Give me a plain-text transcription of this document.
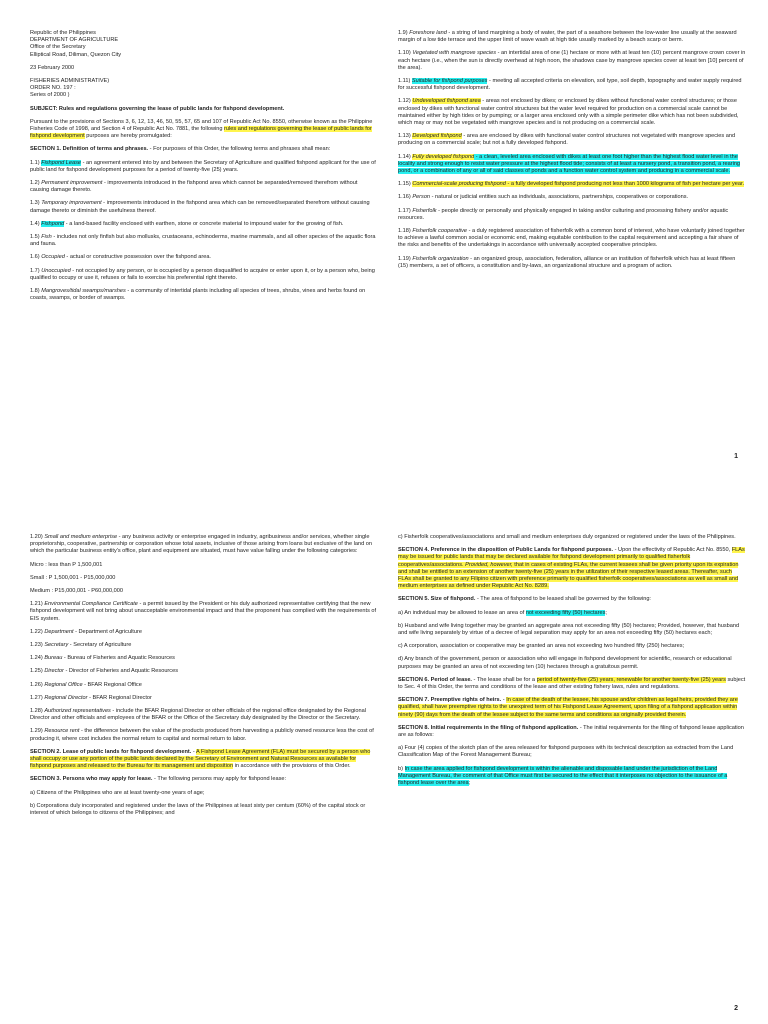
Republic of the Philippines
DEPARTMENT OF AGRICULTURE
Office of the Secretary
Elliptical Road, Diliman, Quezon City
23 February 2000
FISHERIES ADMINISTRATIVE)
ORDER NO. 197 :
Series of 2000 )
SUBJECT: Rules and regulations governing the lease of public lands for fishpond development.
Pursuant to the provisions of Sections 3, 6, 12, 13, 46, 50, 55, 57, 65 and 107 of Republic Act No. 8550, otherwise known as the Philippine Fisheries Code of 1998, and Section 4 of Republic Act No. 7881, the following rules and regulations governing the lease of public lands for fishpond development purposes are hereby promulgated:
SECTION 1. Definition of terms and phrases. - For purposes of this Order, the following terms and phrases shall mean:
1.1) Fishpond Lease - an agreement entered into by and between the Secretary of Agriculture and qualified fishpond applicant for the use of public land for fishpond development purposes for a period of twenty-five (25) years.
1.2) Permanent improvement - improvements introduced in the fishpond area which cannot be separated/removed therefrom without causing damage thereto.
1.3) Temporary improvement - improvements introduced in the fishpond area which can be removed/separated therefrom without causing damage thereto or diminish the usefulness thereof.
1.4) Fishpond - a land-based facility enclosed with earthen, stone or concrete material to impound water for the growing of fish.
1.5) Fish - includes not only finfish but also mollusks, crustaceans, echinoderms, marine mammals, and all other species of the aquatic flora and fauna.
1.6) Occupied - actual or constructive possession over the fishpond area.
1.7) Unoccupied - not occupied by any person, or is occupied by a person disqualified to acquire or enter upon it, or by a person who, being qualified to occupy or use it, refuses or fails to exercise his preferential right thereto.
1.8) Mangroves/tidal swamps/marshes - a community of intertidal plants including all species of trees, shrubs, vines and herbs found on coasts, swamps, or border of swamps.
1.9) Foreshore land - a string of land margining a body of water, the part of a seashore between the low-water line usually at the seaward margin of a low tide terrace and the upper limit of wave wash at high tide usually marked by a beach scarp or berm.
1.10) Vegetated with mangrove species - an intertidal area of one (1) hectare or more with at least ten (10) percent mangrove crown cover in each hectare (i.e., when the sun is directly overhead at high noon, the shadows case by mangrove species cover at least ten [10] percent of the area).
1.11) Suitable for fishpond purposes - meeting all accepted criteria on elevation, soil type, soil depth, topography and water supply required for successful fishpond development.
1.12) Undeveloped fishpond area - areas not enclosed by dikes; or enclosed by dikes without functional water control structures; or those enclosed by dikes with functional water control structures but the water level required for production on a commercial scale cannot be maintained either by high tides or by pumping; or a larger area enclosed only with a simple perimeter dike which has not been subdivided, which may or may not be vegetated with mangrove species and is not producing on a commercial scale.
1.13) Developed fishpond - area are enclosed by dikes with functional water control structures not vegetated with mangrove species and producing on a commercial scale; but not a fully developed fishpond.
1.14) Fully developed fishpond - a clean, leveled area enclosed with dikes at least one foot higher than the highest flood water level in the locality and strong enough to resist water pressure at the highest flood tide; consists of at least a nursery pond, a transition pond, a rearing pond, or a combination of any or all of said classes of ponds and a function water control system and producing in a commercial scale.
1.15) Commercial-scale producing fishpond - a fully developed fishpond producing not less than 1000 kilograms of fish per hectare per year.
1.16) Person - natural or judicial entities such as individuals, associations, partnerships, cooperatives or corporations.
1.17) Fisherfolk - people directly or personally and physically engaged in taking and/or culturing and processing fishery and/or aquatic resources.
1.18) Fisherfolk cooperative - a duly registered association of fisherfolk with a common bond of interest, who have voluntarily joined together to achieve a lawful common social or economic end, making equitable contribution to the capital requirement and accepting a fair share of the risks and benefits of the undertakings in accordance with universally accepted cooperative principles.
1.19) Fisherfolk organization - an organized group, association, federation, alliance or an institution of fisherfolk which has at least fifteen (15) members, a set of officers, a constitution and by-laws, an organizational structure and a program of action.
1
1.20) Small and medium enterprise - any business activity or enterprise engaged in industry, agribusiness and/or services, whether single proprietorship, cooperative, partnership or corporation whose total assets, inclusive of those arising from loans but exclusive of the land on which the particular business entity's office, plant and equipment are situated, must have value falling under the following categories:
Micro : less than P 1,500,001
Small : P 1,500,001 - P15,000,000
Medium : P15,000,001 - P60,000,000
1.21) Environmental Compliance Certificate - a permit issued by the President or his duly authorized representative certifying that the new fishpond development will not bring about unacceptable environmental impact and that the proponent has complied with the requirements of EIS system.
1.22) Department - Department of Agriculture
1.23) Secretary - Secretary of Agriculture
1.24) Bureau - Bureau of Fisheries and Aquatic Resources
1.25) Director - Director of Fisheries and Aquatic Resources
1.26) Regional Office - BFAR Regional Office
1.27) Regional Director - BFAR Regional Director
1.28) Authorized representatives - include the BFAR Regional Director or other officials of the regional office designated by the Regional Director and other officials and employees of the BFAR or the Office of the Secretary duly designated by the Director or the Secretary.
1.29) Resource rent - the difference between the value of the products produced from harvesting a publicly owned resource less the cost of producing it, where cost includes the normal return to capital and normal return to labor.
SECTION 2. Lease of public lands for fishpond development. - A Fishpond Lease Agreement (FLA) must be secured by a person who shall occupy or use any portion of the public lands declared by the Secretary of Environment and Natural Resources as available for fishpond purposes and released to the Bureau for its management and disposition in accordance with the provisions of this Order.
SECTION 3. Persons who may apply for lease. - The following persons may apply for fishpond lease:
a) Citizens of the Philippines who are at least twenty-one years of age;
b) Corporations duly incorporated and registered under the laws of the Philippines at least sixty per centum (60%) of the capital stock or interest of which belongs to citizens of the Philippines; and
c) Fisherfolk cooperatives/associations and small and medium enterprises duly organized or registered under the laws of the Philippines.
SECTION 4. Preference in the disposition of Public Lands for fishpond purposes. - Upon the effectivity of Republic Act No. 8550, FLAs may be issued for public lands that may be declared available for fishpond development primarily to qualified fisherfolk cooperatives/associations. Provided, however, that in cases of existing FLAs, the current lessees shall be given priority upon its expiration and shall be entitled to an extension of another twenty-five (25) years in the utilization of their respective leased areas. Thereafter, such FLAs shall be granted to any Filipino citizen with preference primarily to qualified fisherfolk cooperatives/associations as well as small and medium enterprises as defined under Republic Act No. 8289.
SECTION 5. Size of fishpond. - The area of fishpond to be leased shall be governed by the following:
a) An individual may be allowed to lease an area of not exceeding fifty (50) hectares;
b) Husband and wife living together may be granted an aggregate area not exceeding fifty (50) hectares; Provided, however, that husband and wife living separately by virtue of a decree of legal separation may apply for an area not exceeding fifty (50) hectares each;
c) A corporation, association or cooperative may be granted an area not exceeding two hundred fifty (250) hectares;
d) Any branch of the government, person or association who will engage in fishpond development for scientific, research or educational purposes may be granted an area of not exceeding ten (10) hectares through a gratuitous permit.
SECTION 6. Period of lease. - The lease shall be for a period of twenty-five (25) years, renewable for another twenty-five (25) years subject to Sec. 4 of this Order, the terms and conditions of the lease and other existing fishery laws, rules and regulations.
SECTION 7. Preemptive rights of heirs. - In case of the death of the lessee, his spouse and/or children as legal heirs, provided they are qualified, shall have preemptive rights to the unexpired term of his Fishpond Lease Agreement, upon filing of a fishpond application within ninety (90) days from the death of the lessee subject to the same terms and conditions as originally provided therein.
SECTION 8. Initial requirements in the filing of fishpond application. - The initial requirements for the filing of fishpond lease application are as follows:
a) Four (4) copies of the sketch plan of the area released for fishpond purposes with its technical description as extracted from the Land Classification Map of the Forest Management Bureau;
b) In case the area applied for fishpond development is within the alienable and disposable land under the jurisdiction of the Land Management Bureau, the comment of that Office must first be secured to the effect that it interposes no objection to the issuance of a fishpond lease over the area;
2
